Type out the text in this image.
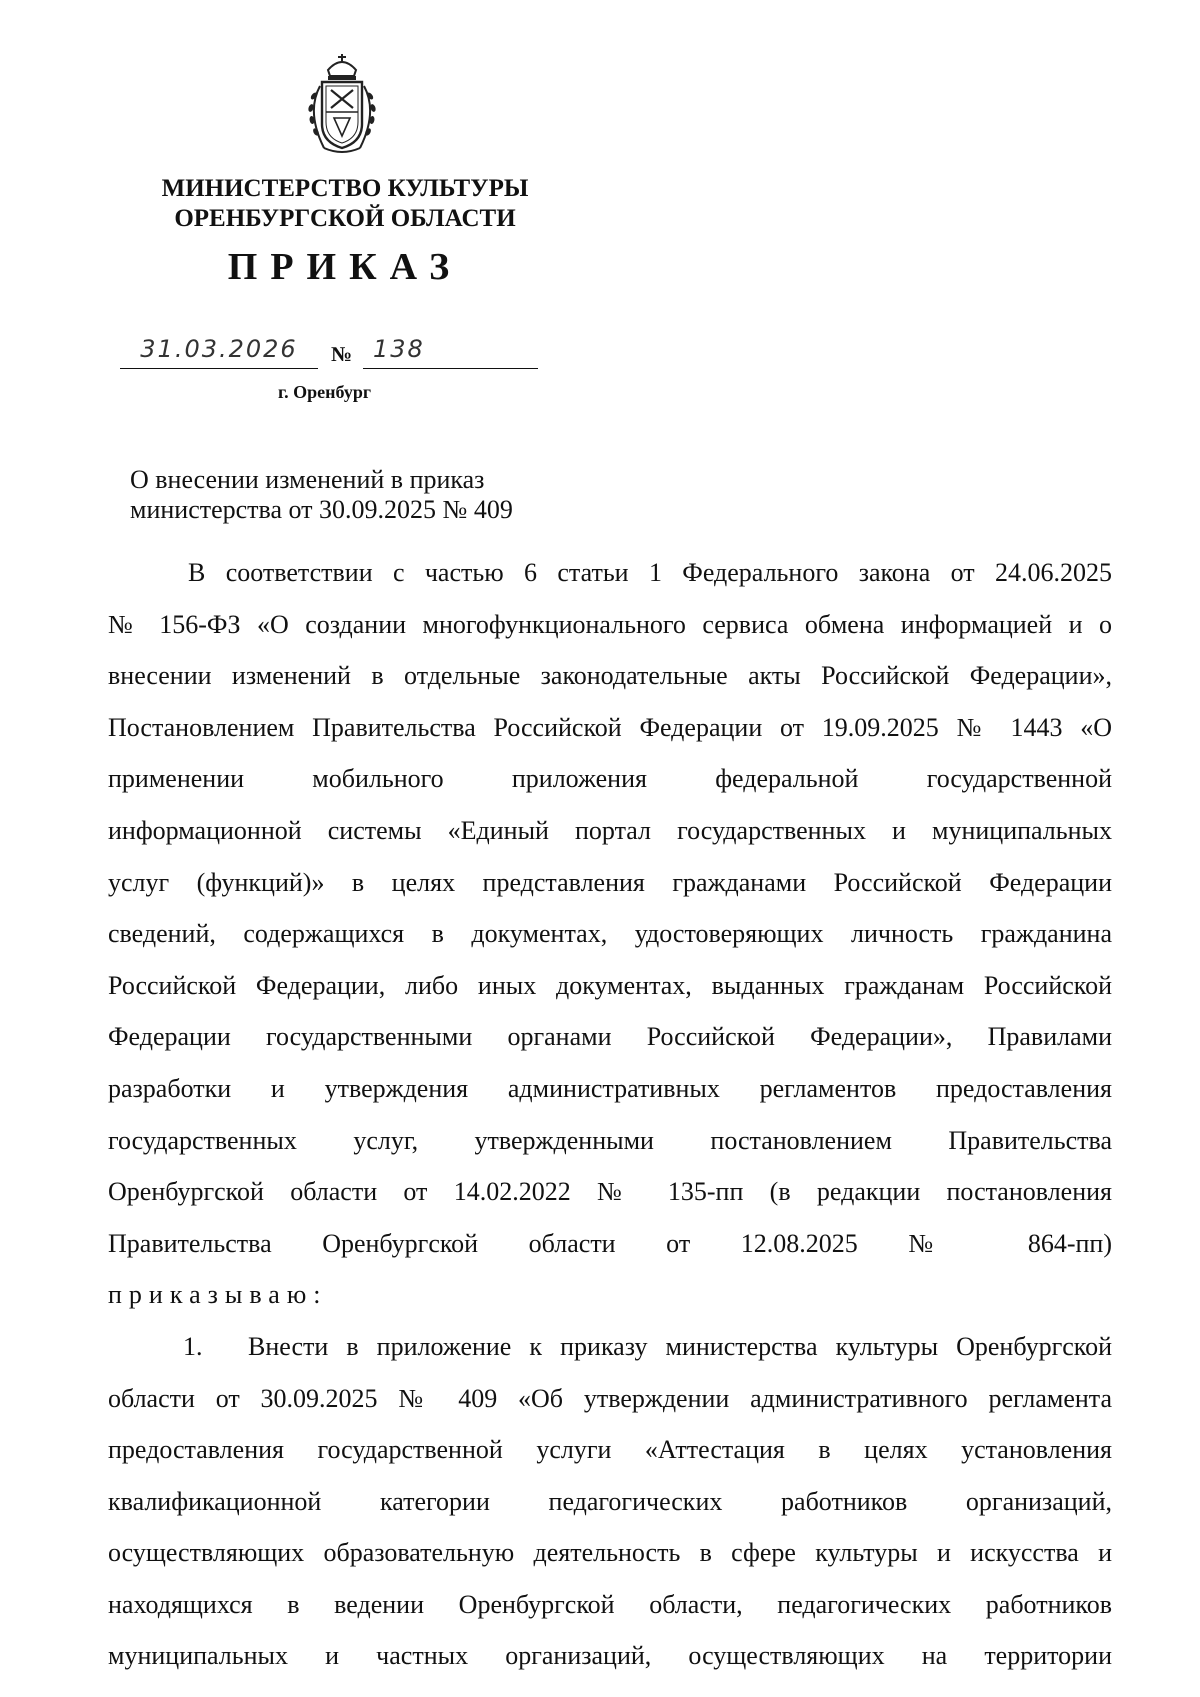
МИНИСТЕРСТВО КУЛЬТУРЫ
ОРЕНБУРГСКОЙ ОБЛАСТИ
ПРИКАЗ
31.03.2026	№ 138
г. Оренбург
О внесении изменений в приказ
министерства от 30.09.2025 № 409
В соответствии с частью 6 статьи 1 Федерального закона от 24.06.2025
№ 156-ФЗ «О создании многофункционального сервиса обмена информацией и о
внесении изменений в отдельные законодательные акты Российской Федерации»,
Постановлением Правительства Российской Федерации от 19.09.2025 № 1443 «О
применении мобильного приложения федеральной государственной
информационной системы «Единый портал государственных и муниципальных
услуг (функций)» в целях представления гражданами Российской Федерации
сведений, содержащихся в документах, удостоверяющих личность гражданина
Российской Федерации, либо иных документах, выданных гражданам Российской
Федерации государственными органами Российской Федерации», Правилами
разработки и утверждения административных регламентов предоставления
государственных услуг, утвержденными постановлением Правительства
Оренбургской области от 14.02.2022 № 135-пп (в редакции постановления
Правительства Оренбургской области от 12.08.2025 № 864-пп)
приказываю:
1.	Внести в приложение к приказу министерства культуры Оренбургской
области от 30.09.2025 № 409 «Об утверждении административного регламента
предоставления государственной услуги «Аттестация в целях установления
квалификационной категории педагогических работников организаций,
осуществляющих образовательную деятельность в сфере культуры и искусства и
находящихся в ведении Оренбургской области, педагогических работников
муниципальных и частных организаций, осуществляющих на территории
